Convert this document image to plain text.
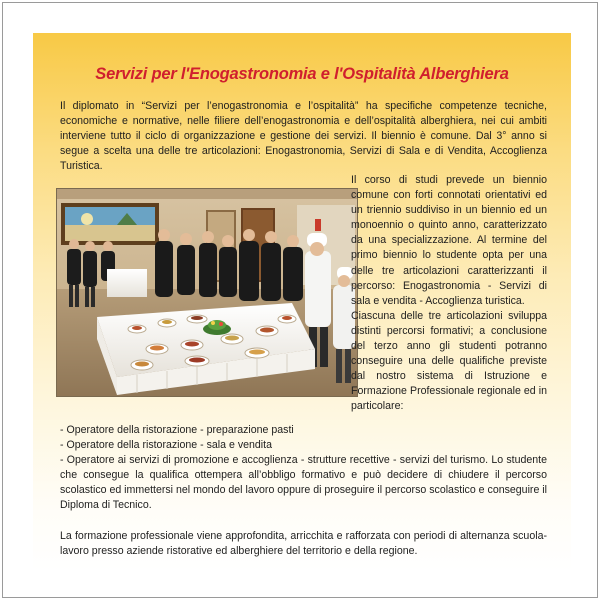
Servizi per l'Enogastronomia e l'Ospitalità Alberghiera
Il diplomato in “Servizi per l’enogastronomia e l’ospitalità” ha specifiche competenze tecniche, economiche e normative, nelle filiere dell’enogastronomia e dell’ospitalità alberghiera, nei cui ambiti interviene tutto il ciclo di organizzazione e gestione dei servizi. Il biennio è comune. Dal 3° anno si segue a scelta una delle tre articolazioni: Enogastronomia, Servizi di Sala e di Vendita, Accoglienza Turistica.

Il corso di studi prevede un biennio comune con forti connotati orientativi ed un triennio suddiviso in un biennio ed un monoennio o quinto anno, caratterizzato da una specializzazione. Al termine del primo biennio lo studente opta per una delle tre articolazioni caratterizzanti il percorso: Enogastronomia - Servizi di sala e vendita - Accoglienza turistica.

Ciascuna delle tre articolazioni sviluppa distinti percorsi formativi; a conclusione del terzo anno gli studenti potranno conseguire una delle qualifiche previste dal nostro sistema di Istruzione e Formazione Professionale regionale ed in particolare:

- Operatore della ristorazione - preparazione pasti
- Operatore della ristorazione - sala e vendita
- Operatore ai servizi di promozione e accoglienza - strutture recettive - servizi del turismo. Lo studente che consegue la qualifica ottempera all’obbligo formativo e può decidere di chiudere il percorso scolastico ed immettersi nel mondo del lavoro oppure di proseguire il percorso scolastico e conseguire il Diploma di Tecnico.
La formazione professionale viene approfondita, arricchita e rafforzata con periodi di alternanza scuola-lavoro presso aziende ristorative ed alberghiere del territorio e della regione.
